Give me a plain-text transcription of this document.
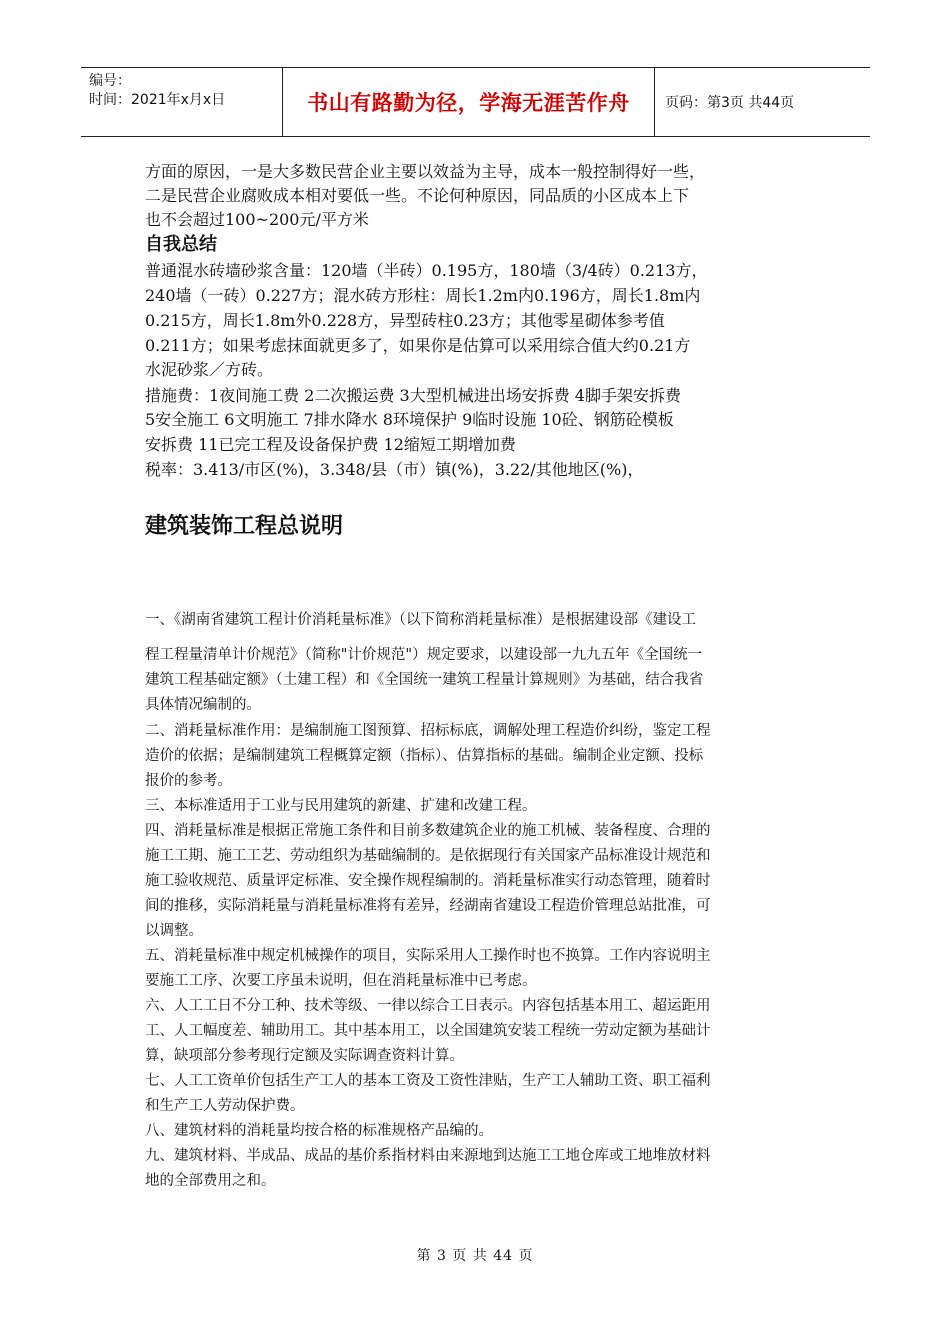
编号：
时间：2021年x月x日	书山有路勤为径，学海无涯苦作舟	页码：第3页 共44页
方面的原因，一是大多数民营企业主要以效益为主导，成本一般控制得好一些，
二是民营企业腐败成本相对要低一些。不论何种原因，同品质的小区成本上下
也不会超过100~200元/平方米
自我总结
普通混水砖墙砂浆含量：120墙（半砖）0.195方，180墙（3/4砖）0.213方，
240墙（一砖）0.227方；混水砖方形柱：周长1.2m内0.196方，周长1.8m内
0.215方，周长1.8m外0.228方，异型砖柱0.23方；其他零星砌体参考值
0.211方；如果考虑抹面就更多了，如果你是估算可以采用综合值大约0.21方
水泥砂浆／方砖。
措施费：1夜间施工费 2二次搬运费 3大型机械进出场安拆费 4脚手架安拆费
5安全施工 6文明施工 7排水降水 8环境保护 9临时设施 10砼、钢筋砼模板
安拆费 11已完工程及设备保护费 12缩短工期增加费
税率：3.413/市区(%)，3.348/县（市）镇(%)，3.22/其他地区(%)，
建筑装饰工程总说明
一、《湖南省建筑工程计价消耗量标准》（以下简称消耗量标准）是根据建设部《建设工
程工程量清单计价规范》（简称"计价规范"）规定要求，以建设部一九九五年《全国统一
建筑工程基础定额》（土建工程）和《全国统一建筑工程量计算规则》为基础，结合我省
具体情况编制的。
二、消耗量标准作用：是编制施工图预算、招标标底，调解处理工程造价纠纷，鉴定工程
造价的依据；是编制建筑工程概算定额（指标）、估算指标的基础。编制企业定额、投标
报价的参考。
三、本标准适用于工业与民用建筑的新建、扩建和改建工程。
四、消耗量标准是根据正常施工条件和目前多数建筑企业的施工机械、装备程度、合理的
施工工期、施工工艺、劳动组织为基础编制的。是依据现行有关国家产品标准设计规范和
施工验收规范、质量评定标准、安全操作规程编制的。消耗量标准实行动态管理，随着时
间的推移，实际消耗量与消耗量标准将有差异，经湖南省建设工程造价管理总站批准，可
以调整。
五、消耗量标准中规定机械操作的项目，实际采用人工操作时也不换算。工作内容说明主
要施工工序、次要工序虽未说明，但在消耗量标准中已考虑。
六、人工工日不分工种、技术等级、一律以综合工日表示。内容包括基本用工、超运距用
工、人工幅度差、辅助用工。其中基本用工，以全国建筑安装工程统一劳动定额为基础计
算，缺项部分参考现行定额及实际调查资料计算。
七、人工工资单价包括生产工人的基本工资及工资性津贴，生产工人辅助工资、职工福利
和生产工人劳动保护费。
八、建筑材料的消耗量均按合格的标准规格产品编的。
九、建筑材料、半成品、成品的基价系指材料由来源地到达施工工地仓库或工地堆放材料
地的全部费用之和。
第 3 页 共 44 页
